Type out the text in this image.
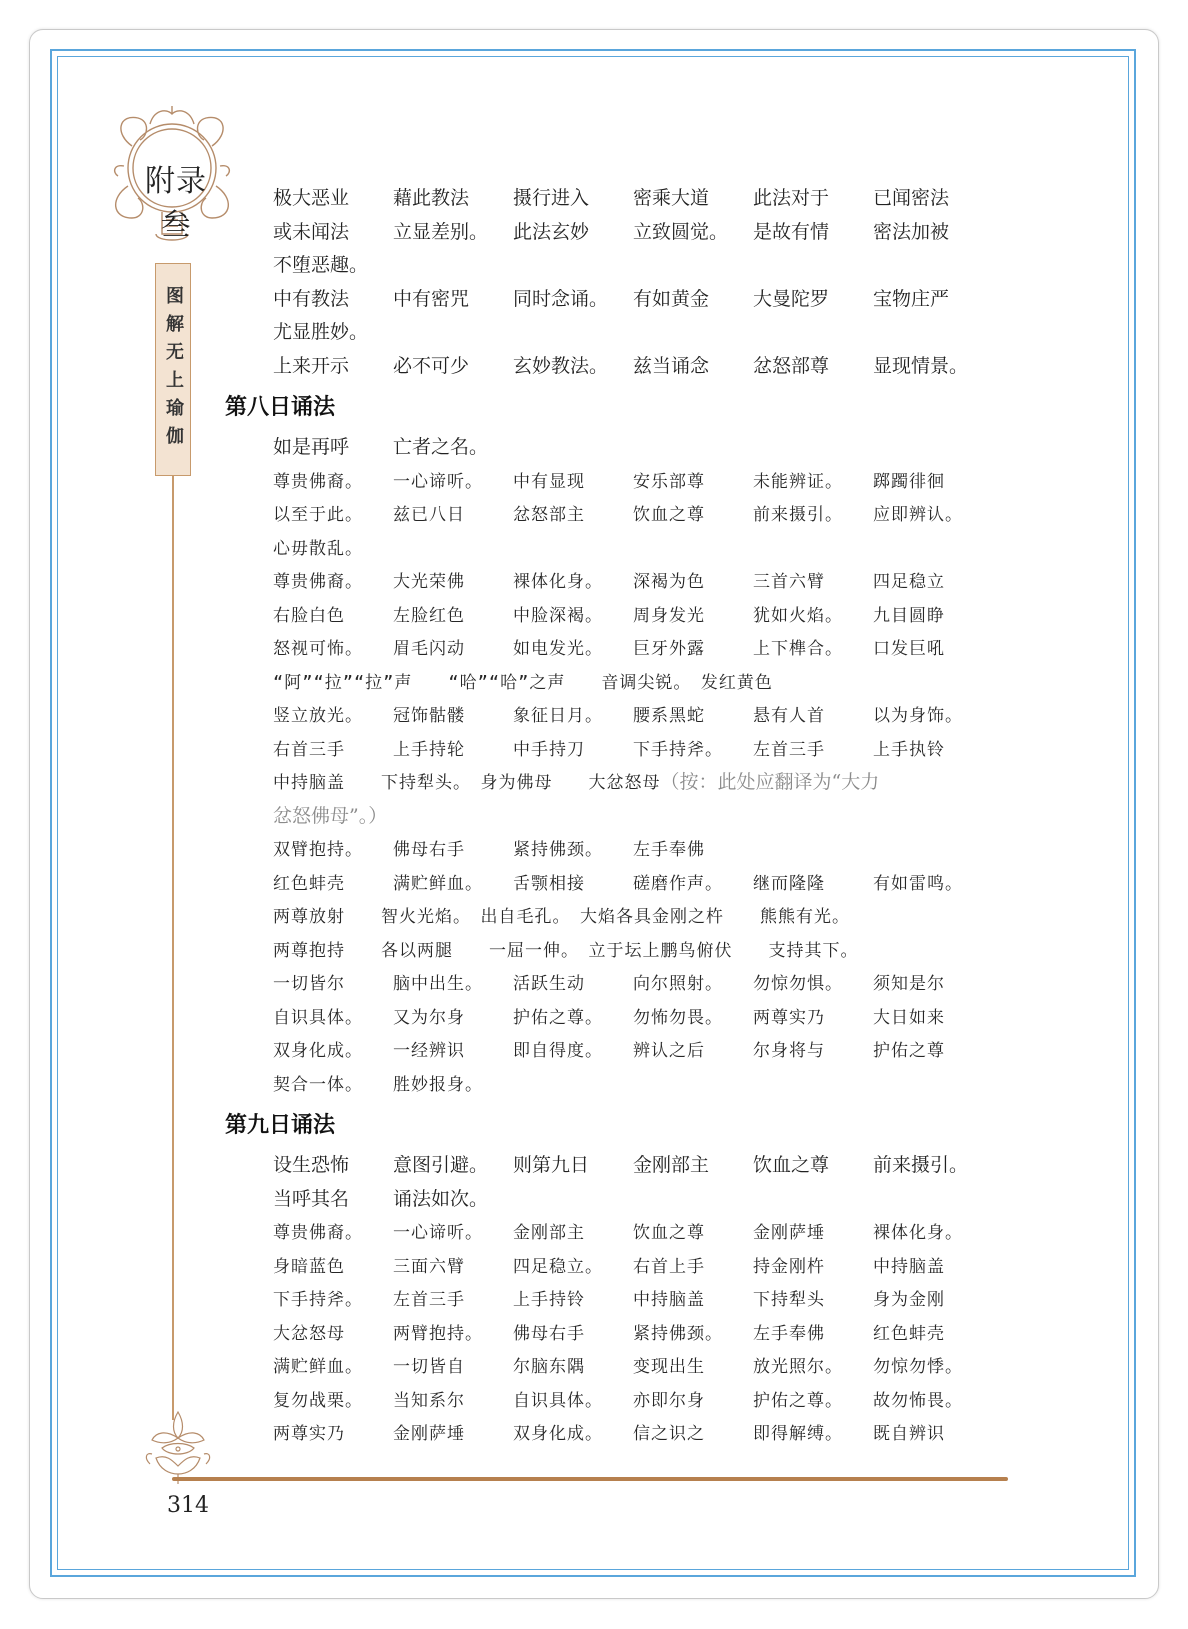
附录叁
图解无上瑜伽
314
极大恶业	藉此教法	摄行进入	密乘大道	此法对于	已闻密法
或未闻法	立显差别。	此法玄妙	立致圆觉。	是故有情	密法加被
不堕恶趣。
中有教法	中有密咒	同时念诵。	有如黄金	大曼陀罗	宝物庄严
尤显胜妙。
上来开示	必不可少	玄妙教法。	兹当诵念	忿怒部尊	显现情景。
第八日诵法
如是再呼	亡者之名。
尊贵佛裔。	一心谛听。	中有显现	安乐部尊	未能辨证。	踯躅徘徊
以至于此。	兹已八日	忿怒部主	饮血之尊	前来摄引。	应即辨认。
心毋散乱。
尊贵佛裔。	大光荣佛	裸体化身。	深褐为色	三首六臂	四足稳立
右脸白色	左脸红色	中脸深褐。	周身发光	犹如火焰。	九目圆睁
怒视可怖。	眉毛闪动	如电发光。	巨牙外露	上下榫合。	口发巨吼
“阿”“拉”“拉”声　　“哈”“哈”之声　　音调尖锐。　发红黄色
竖立放光。	冠饰骷髅	象征日月。	腰系黑蛇	悬有人首	以为身饰。
右首三手	上手持轮	中手持刀	下手持斧。	左首三手	上手执铃
中持脑盖　　下持犁头。　身为佛母　　大忿怒母 （按：此处应翻译为“大力
忿怒佛母”。）
双臂抱持。	佛母右手	紧持佛颈。	左手奉佛
红色蚌壳	满贮鲜血。	舌颚相接	磋磨作声。	继而隆隆	有如雷鸣。
两尊放射　　智火光焰。　出自毛孔。　大焰各具金刚之杵　　熊熊有光。
两尊抱持　　各以两腿　　一屈一伸。　立于坛上鹏鸟俯伏　　支持其下。
一切皆尔	脑中出生。	活跃生动	向尔照射。	勿惊勿惧。	须知是尔
自识具体。	又为尔身	护佑之尊。	勿怖勿畏。	两尊实乃	大日如来
双身化成。	一经辨识	即自得度。	辨认之后	尔身将与	护佑之尊
契合一体。	胜妙报身。
第九日诵法
设生恐怖	意图引避。	则第九日	金刚部主	饮血之尊	前来摄引。
当呼其名	诵法如次。
尊贵佛裔。	一心谛听。	金刚部主	饮血之尊	金刚萨埵	裸体化身。
身暗蓝色	三面六臂	四足稳立。	右首上手	持金刚杵	中持脑盖
下手持斧。	左首三手	上手持铃	中持脑盖	下持犁头	身为金刚
大忿怒母	两臂抱持。	佛母右手	紧持佛颈。	左手奉佛	红色蚌壳
满贮鲜血。	一切皆自	尔脑东隅	变现出生	放光照尔。	勿惊勿悸。
复勿战栗。	当知系尔	自识具体。	亦即尔身	护佑之尊。	故勿怖畏。
两尊实乃	金刚萨埵	双身化成。	信之识之	即得解缚。	既自辨识
